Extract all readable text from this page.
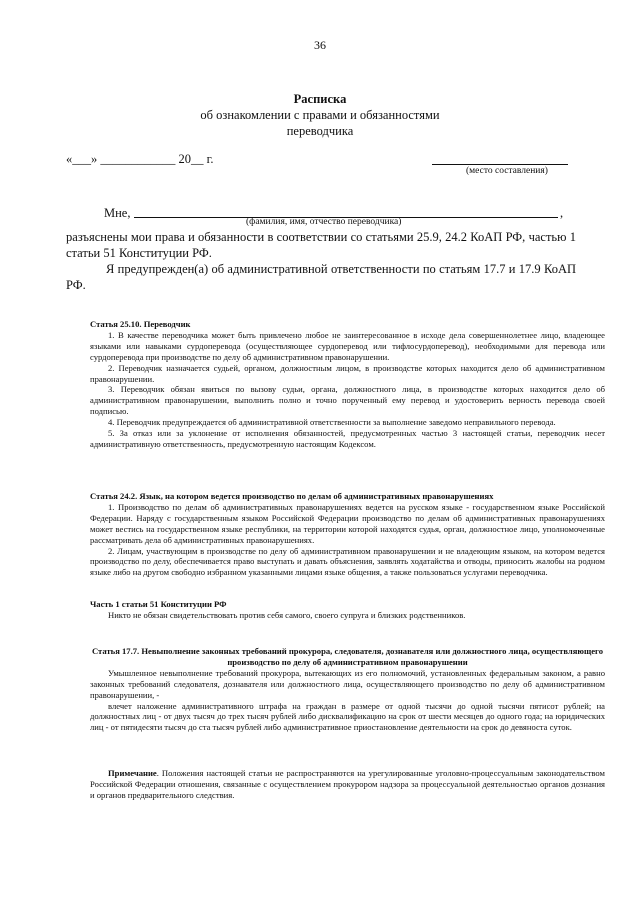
36
Расписка
об ознакомлении с правами и обязанностями
переводчика
«___» ____________ 20__ г.
(место составления)
Мне,	,
(фамилия, имя, отчество переводчика)
разъяснены мои права и обязанности в соответствии со статьями 25.9, 24.2 КоАП РФ, частью 1 статьи 51 Конституции РФ.
Я предупрежден(а) об административной ответственности по статьям 17.7 и 17.9 КоАП РФ.

Статья 25.10. Переводчик

1. В качестве переводчика может быть привлечено любое не заинтересованное в исходе дела совершеннолетнее лицо, владеющее языками или навыками сурдоперевода (осуществляющее сурдоперевод или тифлосурдоперевод), необходимыми для перевода или сурдоперевода при производстве по делу об административном правонарушении.

2. Переводчик назначается судьей, органом, должностным лицом, в производстве которых находится дело об административном правонарушении.

3. Переводчик обязан явиться по вызову судьи, органа, должностного лица, в производстве которых находится дело об административном правонарушении, выполнить полно и точно порученный ему перевод и удостоверить верность перевода своей подписью.

4. Переводчик предупреждается об административной ответственности за выполнение заведомо неправильного перевода.

5. За отказ или за уклонение от исполнения обязанностей, предусмотренных частью 3 настоящей статьи, переводчик несет административную ответственность, предусмотренную настоящим Кодексом.

Статья 24.2. Язык, на котором ведется производство по делам об административных правонарушениях

1. Производство по делам об административных правонарушениях ведется на русском языке - государственном языке Российской Федерации. Наряду с государственным языком Российской Федерации производство по делам об административных правонарушениях может вестись на государственном языке республики, на территории которой находятся судья, орган, должностное лицо, уполномоченные рассматривать дела об административных правонарушениях.

2. Лицам, участвующим в производстве по делу об административном правонарушении и не владеющим языком, на котором ведется производство по делу, обеспечивается право выступать и давать объяснения, заявлять ходатайства и отводы, приносить жалобы на родном языке либо на другом свободно избранном указанными лицами языке общения, а также пользоваться услугами переводчика.

Часть 1 статьи 51 Конституции РФ

Никто не обязан свидетельствовать против себя самого, своего супруга и близких родственников.

Статья 17.7. Невыполнение законных требований прокурора, следователя, дознавателя или должностного лица, осуществляющего производство по делу об административном правонарушении

Умышленное невыполнение требований прокурора, вытекающих из его полномочий, установленных федеральным законом, а равно законных требований следователя, дознавателя или должностного лица, осуществляющего производство по делу об административном правонарушении, -

влечет наложение административного штрафа на граждан в размере от одной тысячи до одной тысячи пятисот рублей; на должностных лиц - от двух тысяч до трех тысяч рублей либо дисквалификацию на срок от шести месяцев до одного года; на юридических лиц - от пятидесяти тысяч до ста тысяч рублей либо административное приостановление деятельности на срок до девяноста суток.

Примечание. Положения настоящей статьи не распространяются на урегулированные уголовно-процессуальным законодательством Российской Федерации отношения, связанные с осуществлением прокурором надзора за процессуальной деятельностью органов дознания и органов предварительного следствия.
